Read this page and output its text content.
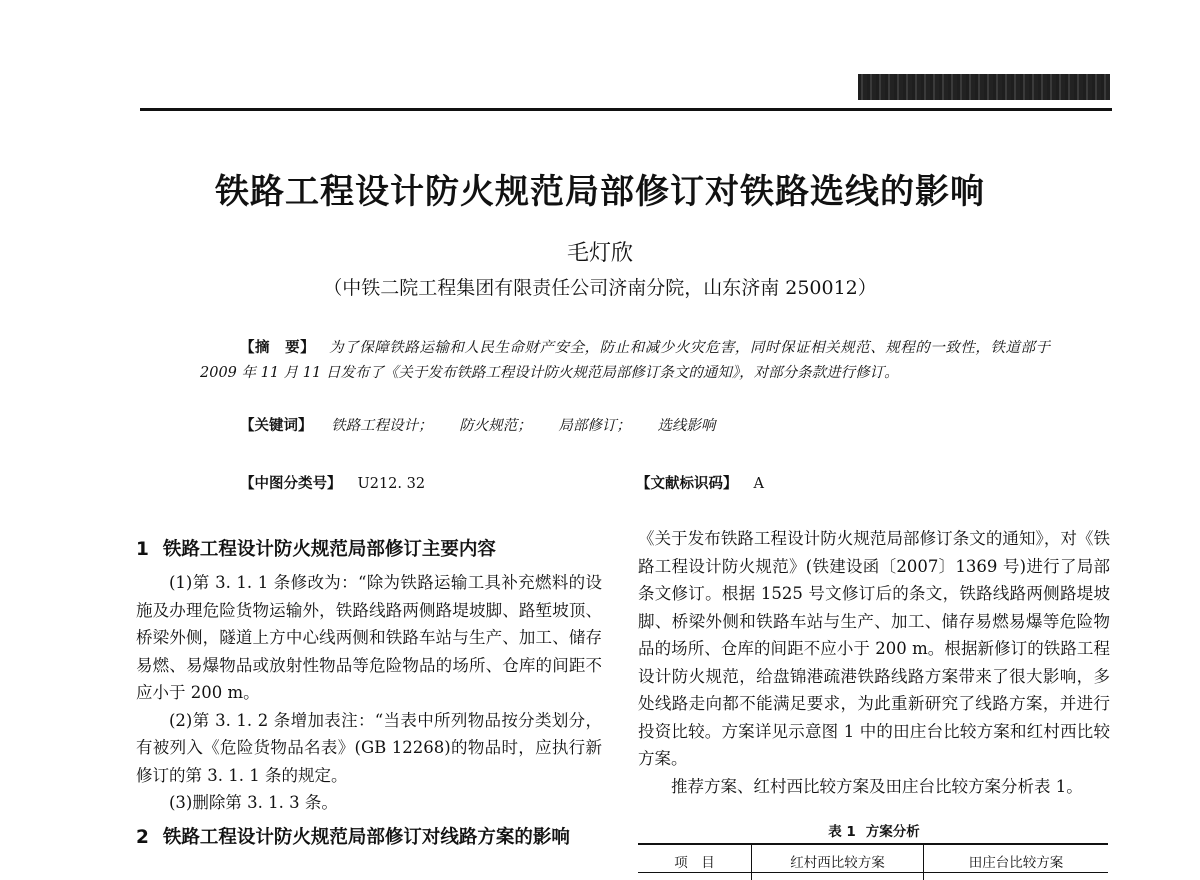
铁路工程设计防火规范局部修订对铁路选线的影响
毛灯欣
（中铁二院工程集团有限责任公司济南分院，山东济南 250012）
【摘　要】 为了保障铁路运输和人民生命财产安全，防止和减少火灾危害，同时保证相关规范、规程的一致性，铁道部于 2009 年 11 月 11 日发布了《关于发布铁路工程设计防火规范局部修订条文的通知》，对部分条款进行修订。
【关键词】 铁路工程设计； 防火规范； 局部修订； 选线影响
【中图分类号】 U212. 32	【文献标识码】 A

1 铁路工程设计防火规范局部修订主要内容

(1)第 3. 1. 1 条修改为：“除为铁路运输工具补充燃料的设施及办理危险货物运输外，铁路线路两侧路堤坡脚、路堑坡顶、桥梁外侧，隧道上方中心线两侧和铁路车站与生产、加工、储存易燃、易爆物品或放射性物品等危险物品的场所、仓库的间距不应小于 200 m。

(2)第 3. 1. 2 条增加表注：“当表中所列物品按分类划分，有被列入《危险货物品名表》(GB 12268)的物品时，应执行新修订的第 3. 1. 1 条的规定。

(3)删除第 3. 1. 3 条。

2 铁路工程设计防火规范局部修订对线路方案的影响

《关于发布铁路工程设计防火规范局部修订条文的通知》，对《铁路工程设计防火规范》(铁建设函〔2007〕1369 号)进行了局部条文修订。根据 1525 号文修订后的条文，铁路线路两侧路堤坡脚、桥梁外侧和铁路车站与生产、加工、储存易燃易爆等危险物品的场所、仓库的间距不应小于 200 m。根据新修订的铁路工程设计防火规范，给盘锦港疏港铁路线路方案带来了很大影响，多处线路走向都不能满足要求，为此重新研究了线路方案，并进行投资比较。方案详见示意图 1 中的田庄台比较方案和红村西比较方案。

推荐方案、红村西比较方案及田庄台比较方案分析表 1。

表 1 方案分析
项　目	红村西比较方案	田庄台比较方案
